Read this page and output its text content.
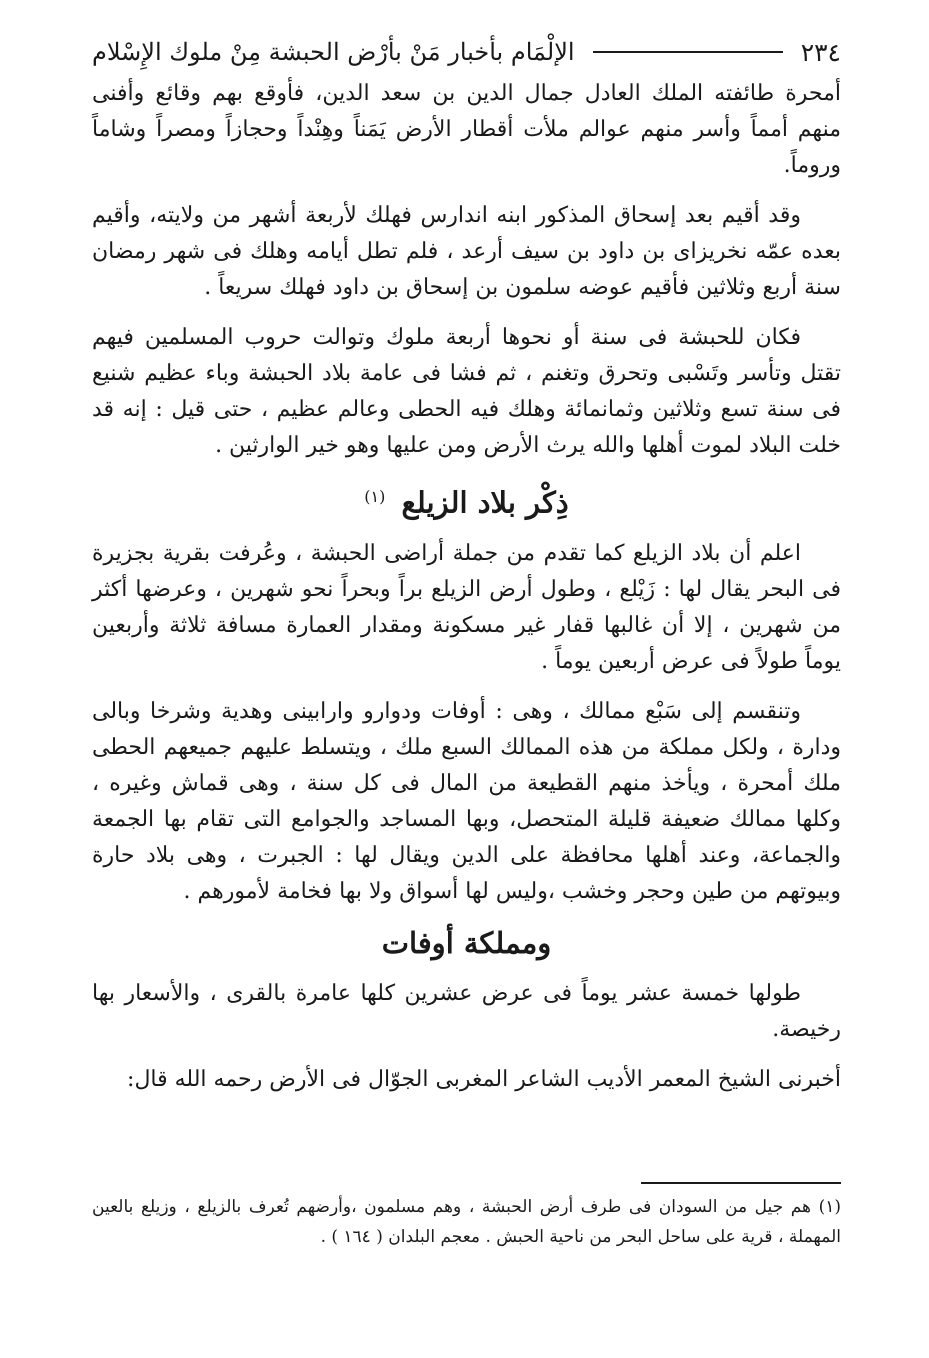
٢٣٤
الإلْمَام بأخبار مَنْ بأرْض الحبشة مِنْ ملوك الإِسْلام

أمحرة طائفته الملك العادل جمال الدين بن سعد الدين، فأوقع بهم وقائع وأفنى منهم أمماً وأسر منهم عوالم ملأت أقطار الأرض يَمَناً وهِنْداً وحجازاً ومصراً وشاماً وروماً.

وقد أقيم بعد إسحاق المذكور ابنه اندارس فهلك لأربعة أشهر من ولايته، وأقيم بعده عمّه نخريزاى بن داود بن سيف أرعد ، فلم تطل أيامه وهلك فى شهر رمضان سنة أربع وثلاثين فأقيم عوضه سلمون بن إسحاق بن داود فهلك سريعاً .

فكان للحبشة فى سنة أو نحوها أربعة ملوك وتوالت حروب المسلمين فيهم تقتل وتأسر وتَسْبى وتحرق وتغنم ، ثم فشا فى عامة بلاد الحبشة وباء عظيم شنيع فى سنة تسع وثلاثين وثمانمائة وهلك فيه الحطى وعالم عظيم ، حتى قيل : إنه قد خلت البلاد لموت أهلها والله يرث الأرض ومن عليها وهو خير الوارثين .

ذِكْر بلاد الزيلع $^{(١)}$

اعلم أن بلاد الزيلع كما تقدم من جملة أراضى الحبشة ، وعُرفت بقرية بجزيرة فى البحر يقال لها : زَيْلع ، وطول أرض الزيلع براً وبحراً نحو شهرين ، وعرضها أكثر من شهرين ، إلا أن غالبها قفار غير مسكونة ومقدار العمارة مسافة ثلاثة وأربعين يوماً طولاً فى عرض أربعين يوماً .

وتنقسم إلى سَبْع ممالك ، وهى : أوفات ودوارو وارابينى وهدية وشرخا وبالى ودارة ، ولكل مملكة من هذه الممالك السبع ملك ، ويتسلط عليهم جميعهم الحطى ملك أمحرة ، ويأخذ منهم القطيعة من المال فى كل سنة ، وهى قماش وغيره ، وكلها ممالك ضعيفة قليلة المتحصل، وبها المساجد والجوامع التى تقام بها الجمعة والجماعة، وعند أهلها محافظة على الدين ويقال لها : الجبرت ، وهى بلاد حارة وبيوتهم من طين وحجر وخشب ،وليس لها أسواق ولا بها فخامة لأمورهم .

ومملكة أوفات

طولها خمسة عشر يوماً فى عرض عشرين كلها عامرة بالقرى ، والأسعار بها رخيصة.

أخبرنى الشيخ المعمر الأديب الشاعر المغربى الجوّال فى الأرض رحمه الله قال:

(١) هم جيل من السودان فى طرف أرض الحبشة ، وهم مسلمون ،وأرضهم تُعرف بالزيلع ، وزيلع بالعين المهملة ، قرية على ساحل البحر من ناحية الحبش . معجم البلدان ( ١٦٤ ) .
